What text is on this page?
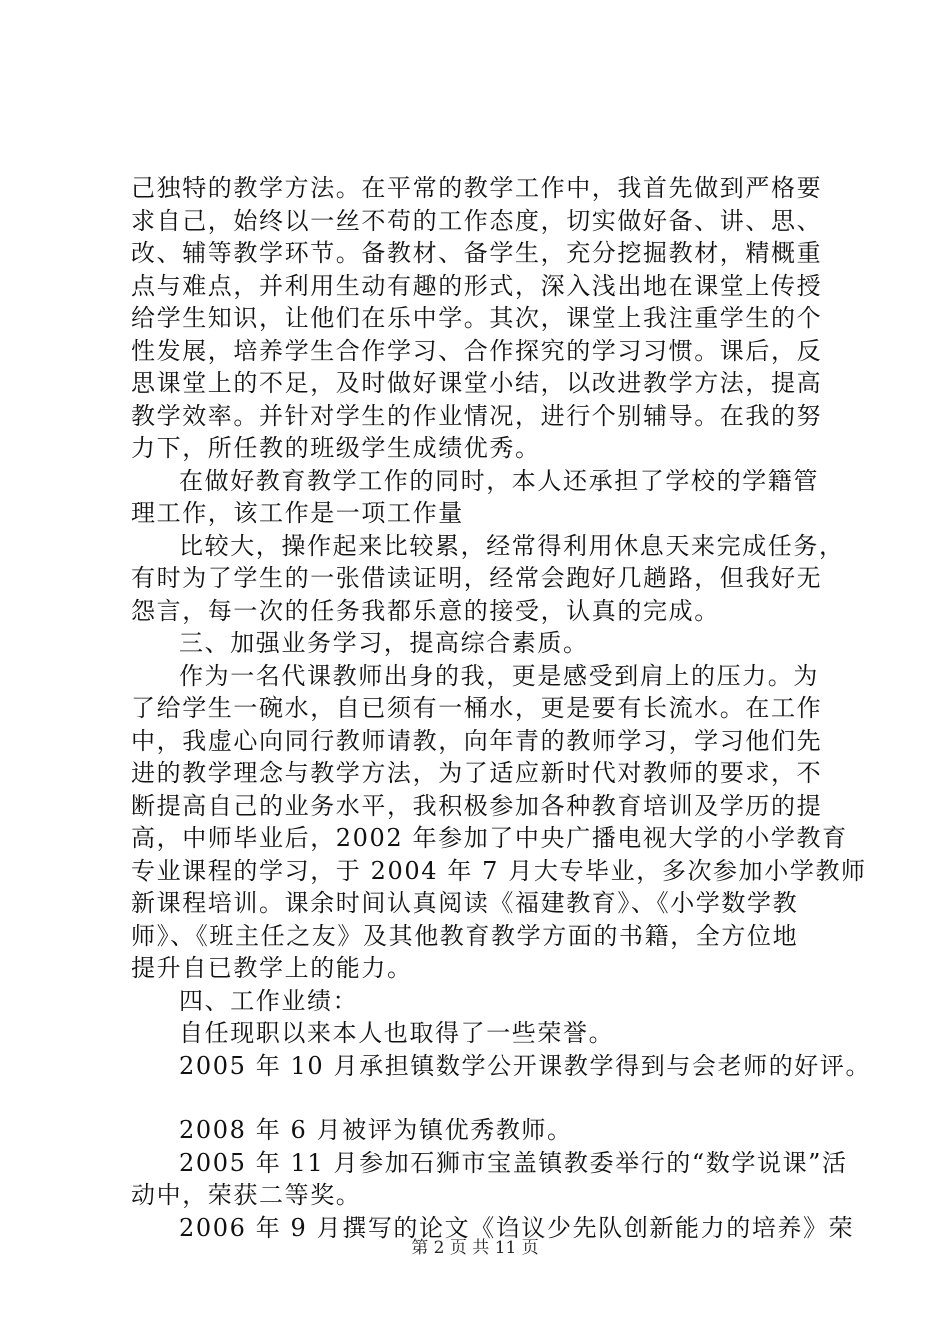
己独特的教学方法。在平常的教学工作中，我首先做到严格要
求自己，始终以一丝不苟的工作态度，切实做好备、讲、思、
改、辅等教学环节。备教材、备学生，充分挖掘教材，精概重
点与难点，并利用生动有趣的形式，深入浅出地在课堂上传授
给学生知识，让他们在乐中学。其次，课堂上我注重学生的个
性发展，培养学生合作学习、合作探究的学习习惯。课后，反
思课堂上的不足，及时做好课堂小结，以改进教学方法，提高
教学效率。并针对学生的作业情况，进行个别辅导。在我的努
力下，所任教的班级学生成绩优秀。
在做好教育教学工作的同时，本人还承担了学校的学籍管
理工作，该工作是一项工作量
比较大，操作起来比较累，经常得利用休息天来完成任务，
有时为了学生的一张借读证明，经常会跑好几趟路，但我好无
怨言，每一次的任务我都乐意的接受，认真的完成。
三、加强业务学习，提高综合素质。
作为一名代课教师出身的我，更是感受到肩上的压力。为
了给学生一碗水，自已须有一桶水，更是要有长流水。在工作
中，我虚心向同行教师请教，向年青的教师学习，学习他们先
进的教学理念与教学方法，为了适应新时代对教师的要求，不
断提高自己的业务水平，我积极参加各种教育培训及学历的提
高，中师毕业后，2002 年参加了中央广播电视大学的小学教育
专业课程的学习，于 2004 年 7 月大专毕业，多次参加小学教师
新课程培训。课余时间认真阅读《福建教育》、《小学数学教
师》、《班主任之友》及其他教育教学方面的书籍，全方位地
提升自已教学上的能力。
四、工作业绩：
自任现职以来本人也取得了一些荣誉。
2005 年 10 月承担镇数学公开课教学得到与会老师的好评。
2008 年 6 月被评为镇优秀教师。
2005 年 11 月参加石狮市宝盖镇教委举行的“数学说课”活
动中，荣获二等奖。
2006 年 9 月撰写的论文《诌议少先队创新能力的培养》荣
第 2 页 共 11 页
